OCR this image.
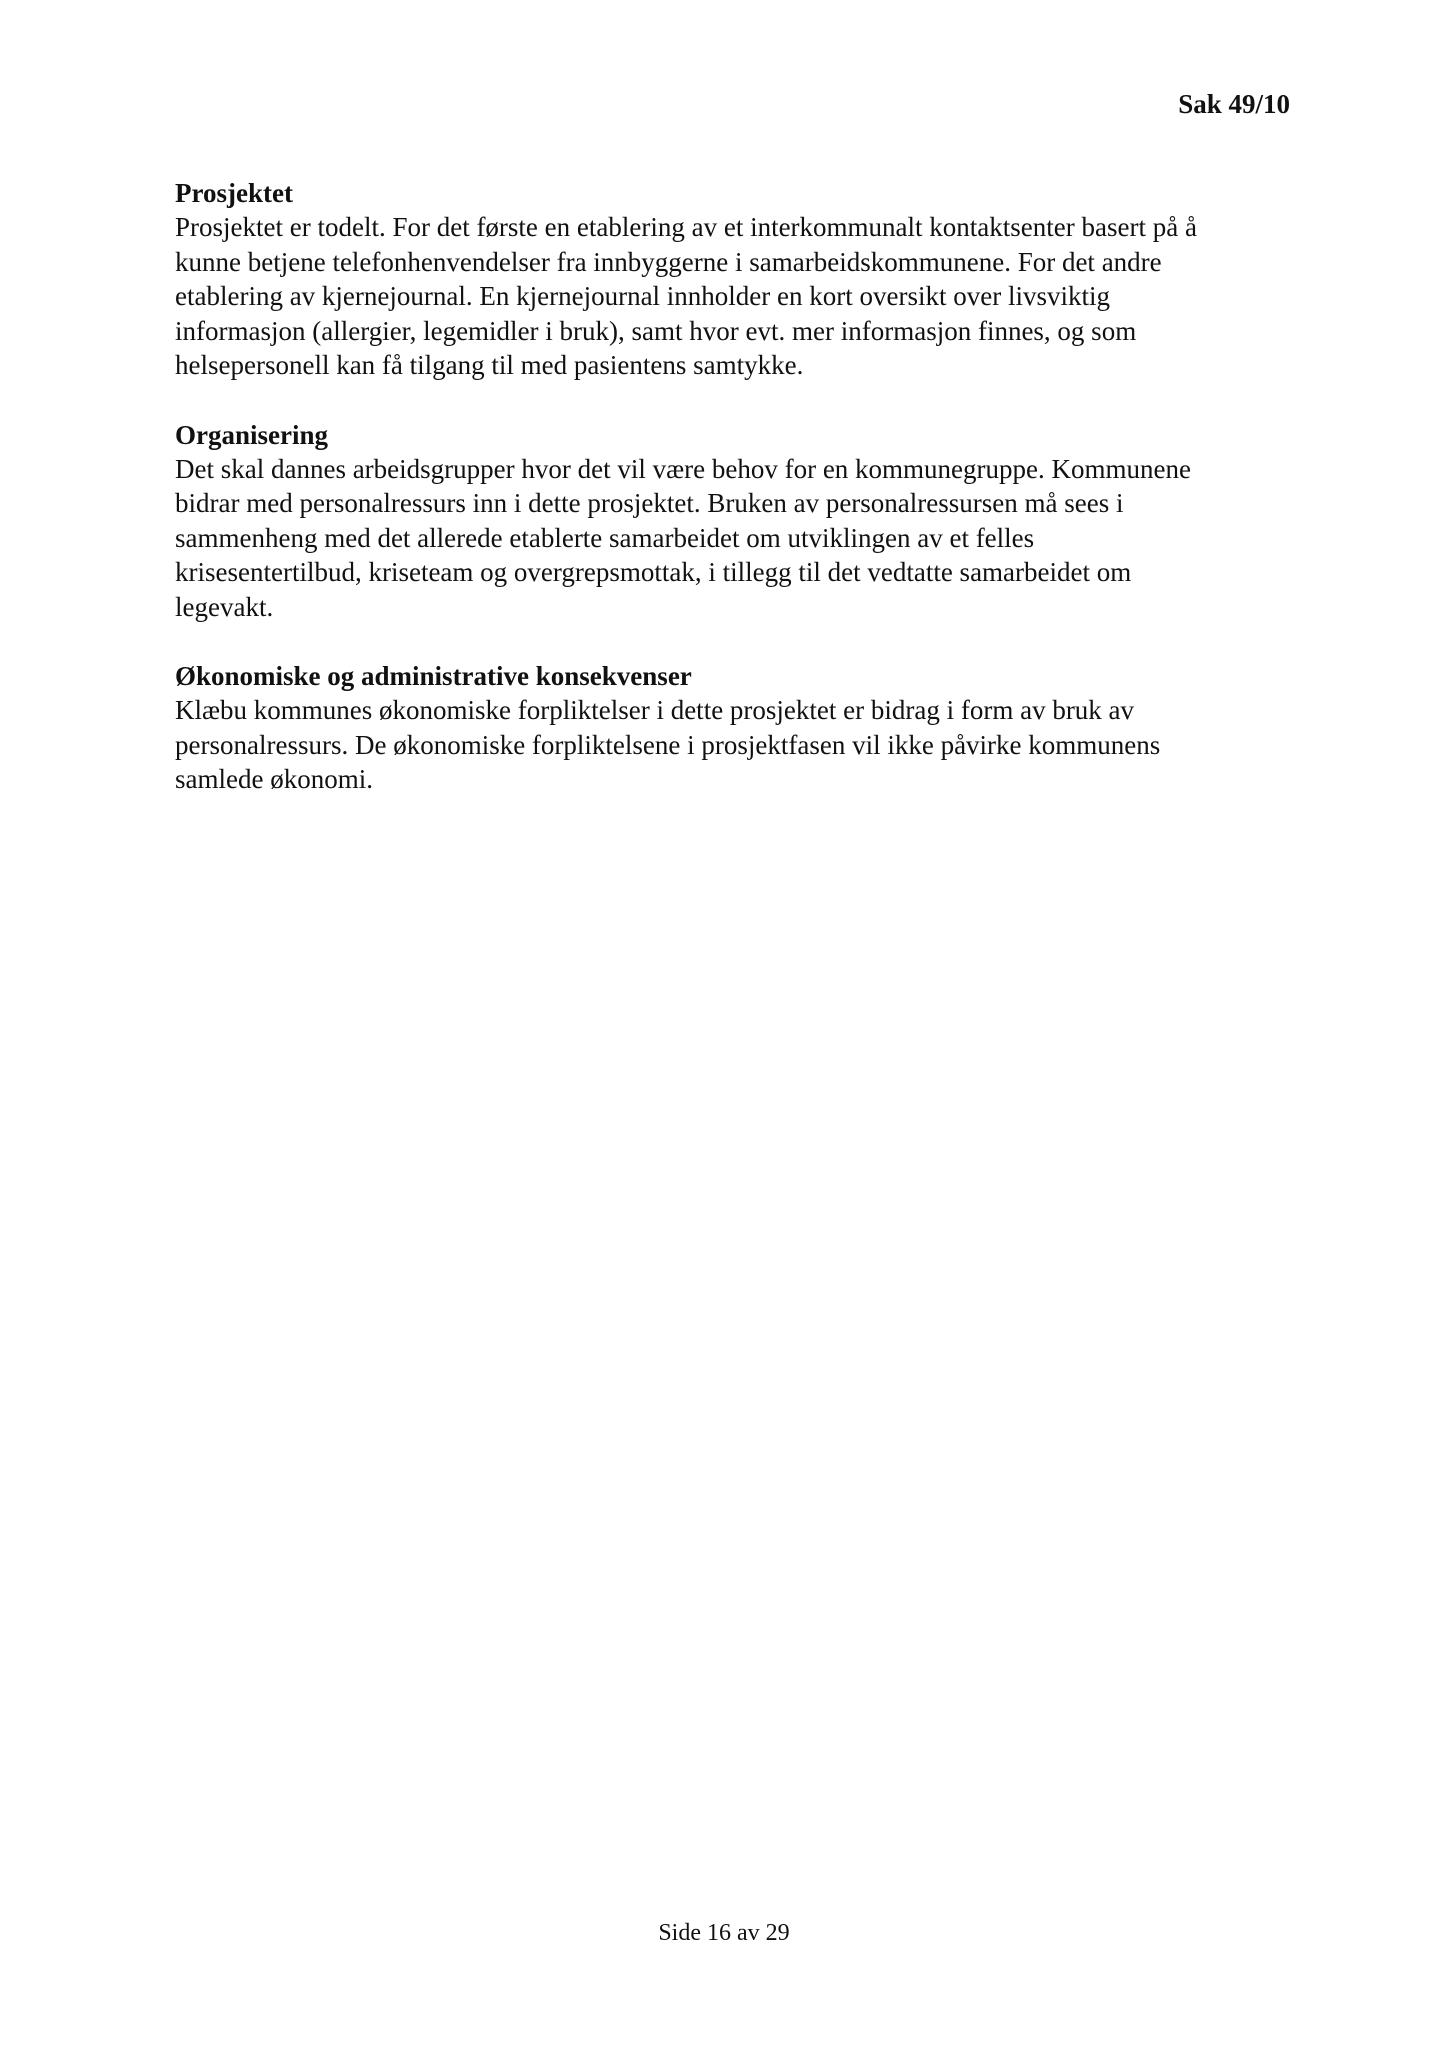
Sak 49/10
Prosjektet

Prosjektet er todelt. For det første en etablering av et interkommunalt kontaktsenter basert på å
kunne betjene telefonhenvendelser fra innbyggerne i samarbeidskommunene. For det andre
etablering av kjernejournal. En kjernejournal innholder en kort oversikt over livsviktig
informasjon (allergier, legemidler i bruk), samt hvor evt. mer informasjon finnes, og som
helsepersonell kan få tilgang til med pasientens samtykke.

Organisering

Det skal dannes arbeidsgrupper hvor det vil være behov for en kommunegruppe. Kommunene
bidrar med personalressurs inn i dette prosjektet. Bruken av personalressursen må sees i
sammenheng med det allerede etablerte samarbeidet om utviklingen av et felles
krisesentertilbud, kriseteam og overgrepsmottak, i tillegg til det vedtatte samarbeidet om
legevakt.

Økonomiske og administrative konsekvenser

Klæbu kommunes økonomiske forpliktelser i dette prosjektet er bidrag i form av bruk av
personalressurs. De økonomiske forpliktelsene i prosjektfasen vil ikke påvirke kommunens
samlede økonomi.

Side 16 av 29
